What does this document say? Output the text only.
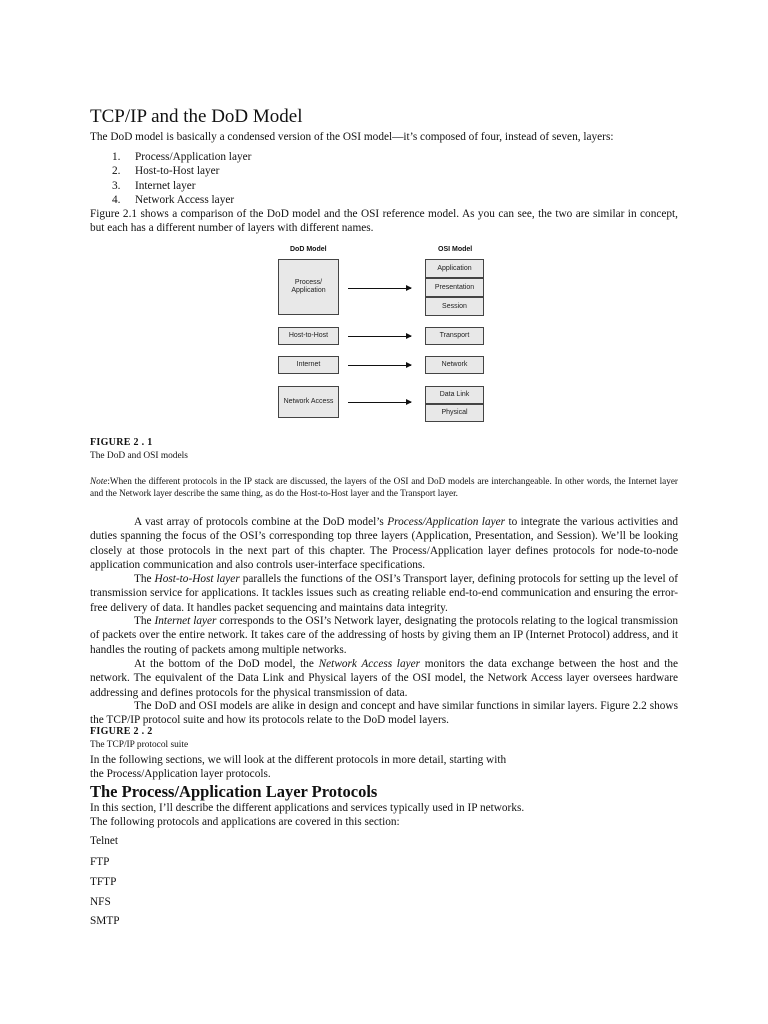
TCP/IP and the DoD Model
The DoD model is basically a condensed version of the OSI model—it’s composed of four, instead of seven, layers:
1.	Process/Application layer
2.	Host-to-Host layer
3.	Internet layer
4.	Network Access layer
Figure 2.1 shows a comparison of the DoD model and the OSI reference model. As you can see, the two are similar in concept, but each has a different number of layers with different names.
DoD Model	OSI Model
Process/ Application
Host-to-Host
Internet
Network Access
Application
Presentation
Session
Transport
Network
Data Link
Physical
FIGURE 2 . 1
The DoD and OSI models
Note:When the different protocols in the IP stack are discussed, the layers of the OSI and DoD models are interchangeable. In other words, the Internet layer and the Network layer describe the same thing, as do the Host-to-Host layer and the Transport layer.
A vast array of protocols combine at the DoD model’s Process/Application layer to integrate the various activities and duties spanning the focus of the OSI’s corresponding top three layers (Application, Presentation, and Session). We’ll be looking closely at those protocols in the next part of this chapter. The Process/Application layer defines protocols for node-to-node application communication and also controls user-interface specifications.
The Host-to-Host layer parallels the functions of the OSI’s Transport layer, defining protocols for setting up the level of transmission service for applications. It tackles issues such as creating reliable end-to-end communication and ensuring the error-free delivery of data. It handles packet sequencing and maintains data integrity.
The Internet layer corresponds to the OSI’s Network layer, designating the protocols relating to the logical transmission of packets over the entire network. It takes care of the addressing of hosts by giving them an IP (Internet Protocol) address, and it handles the routing of packets among multiple networks.
At the bottom of the DoD model, the Network Access layer monitors the data exchange between the host and the network. The equivalent of the Data Link and Physical layers of the OSI model, the Network Access layer oversees hardware addressing and defines protocols for the physical transmission of data.
The DoD and OSI models are alike in design and concept and have similar functions in similar layers. Figure 2.2 shows the TCP/IP protocol suite and how its protocols relate to the DoD model layers.
FIGURE 2 . 2
The TCP/IP protocol suite
In the following sections, we will look at the different protocols in more detail, starting with
the Process/Application layer protocols.
The Process/Application Layer Protocols
In this section, I’ll describe the different applications and services typically used in IP networks.
The following protocols and applications are covered in this section:
Telnet
FTP
TFTP
NFS
SMTP
